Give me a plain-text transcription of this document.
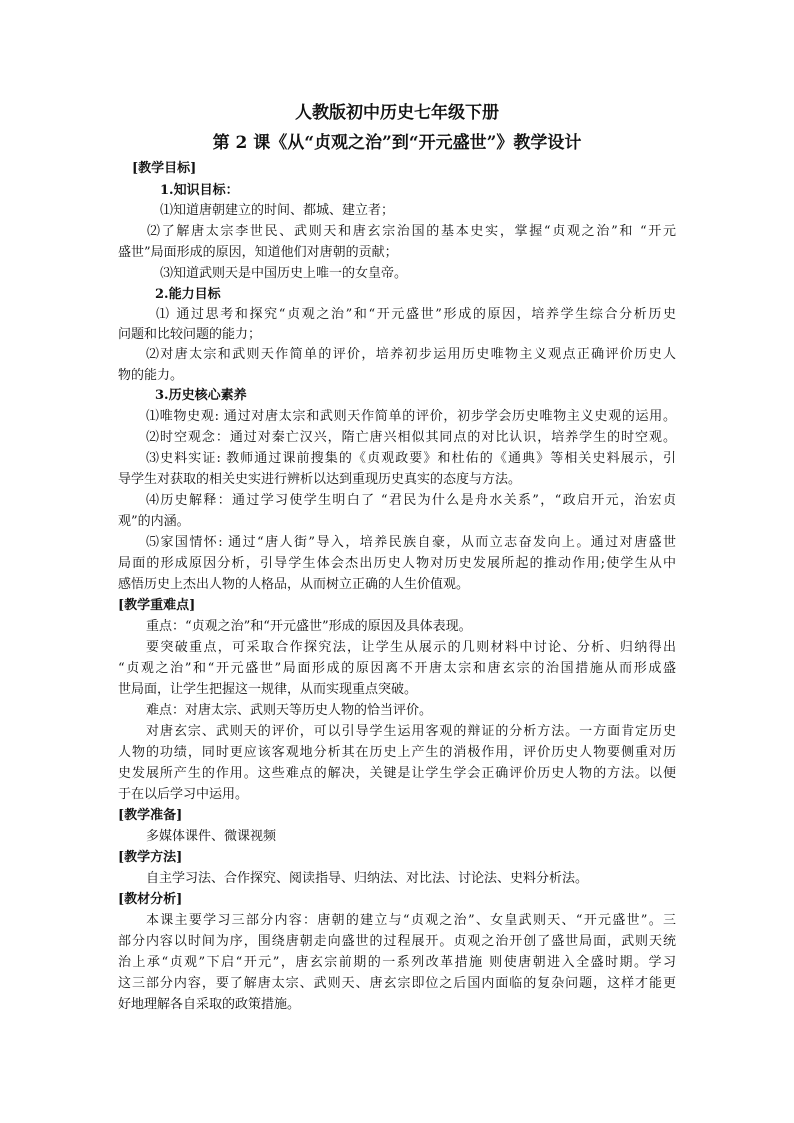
人教版初中历史七年级下册
第 2 课《从“贞观之治”到“开元盛世”》教学设计
[教学目标]
1.知识目标：
⑴知道唐朝建立的时间、都城、建立者；
⑵了解唐太宗李世民、武则天和唐玄宗治国的基本史实，掌握“贞观之治”和 “开元
盛世”局面形成的原因，知道他们对唐朝的贡献；
⑶知道武则天是中国历史上唯一的女皇帝。
2.能力目标
⑴ 通过思考和探究“贞观之治”和“开元盛世”形成的原因，培养学生综合分析历史
问题和比较问题的能力；
⑵对唐太宗和武则天作简单的评价，培养初步运用历史唯物主义观点正确评价历史人
物的能力。
3.历史核心素养
⑴唯物史观: 通过对唐太宗和武则天作简单的评价，初步学会历史唯物主义史观的运用。
⑵时空观念：通过对秦亡汉兴，隋亡唐兴相似其同点的对比认识，培养学生的时空观。
⑶史料实证: 教师通过课前搜集的《贞观政要》和杜佑的《通典》等相关史料展示，引
导学生对获取的相关史实进行辨析以达到重现历史真实的态度与方法。
⑷历史解释：通过学习使学生明白了 “君民为什么是舟水关系”，“政启开元，治宏贞
观”的内涵。
⑸家国情怀: 通过“唐人街”导入，培养民族自豪，从而立志奋发向上。通过对唐盛世
局面的形成原因分析，引导学生体会杰出历史人物对历史发展所起的推动作用;使学生从中
感悟历史上杰出人物的人格品，从而树立正确的人生价值观。
[教学重难点]
重点：“贞观之治”和“开元盛世”形成的原因及具体表现。
要突破重点，可采取合作探究法，让学生从展示的几则材料中讨论、分析、归纳得出
“贞观之治”和“开元盛世”局面形成的原因离不开唐太宗和唐玄宗的治国措施从而形成盛
世局面，让学生把握这一规律，从而实现重点突破。
难点：对唐太宗、武则天等历史人物的恰当评价。
对唐玄宗、武则天的评价，可以引导学生运用客观的辩证的分析方法。一方面肯定历史
人物的功绩，同时更应该客观地分析其在历史上产生的消极作用，评价历史人物要侧重对历
史发展所产生的作用。这些难点的解决，关键是让学生学会正确评价历史人物的方法。以便
于在以后学习中运用。
[教学准备]
多媒体课件、微课视频
[教学方法]
自主学习法、合作探究、阅读指导、归纳法、对比法、讨论法、史料分析法。
[教材分析]
本课主要学习三部分内容：唐朝的建立与“贞观之治”、女皇武则天、“开元盛世”。三
部分内容以时间为序，围绕唐朝走向盛世的过程展开。贞观之治开创了盛世局面，武则天统
治上承“贞观”下启“开元”，唐玄宗前期的一系列改革措施 则使唐朝进入全盛时期。学习
这三部分内容，要了解唐太宗、武则天、唐玄宗即位之后国内面临的复杂问题，这样才能更
好地理解各自采取的政策措施。
